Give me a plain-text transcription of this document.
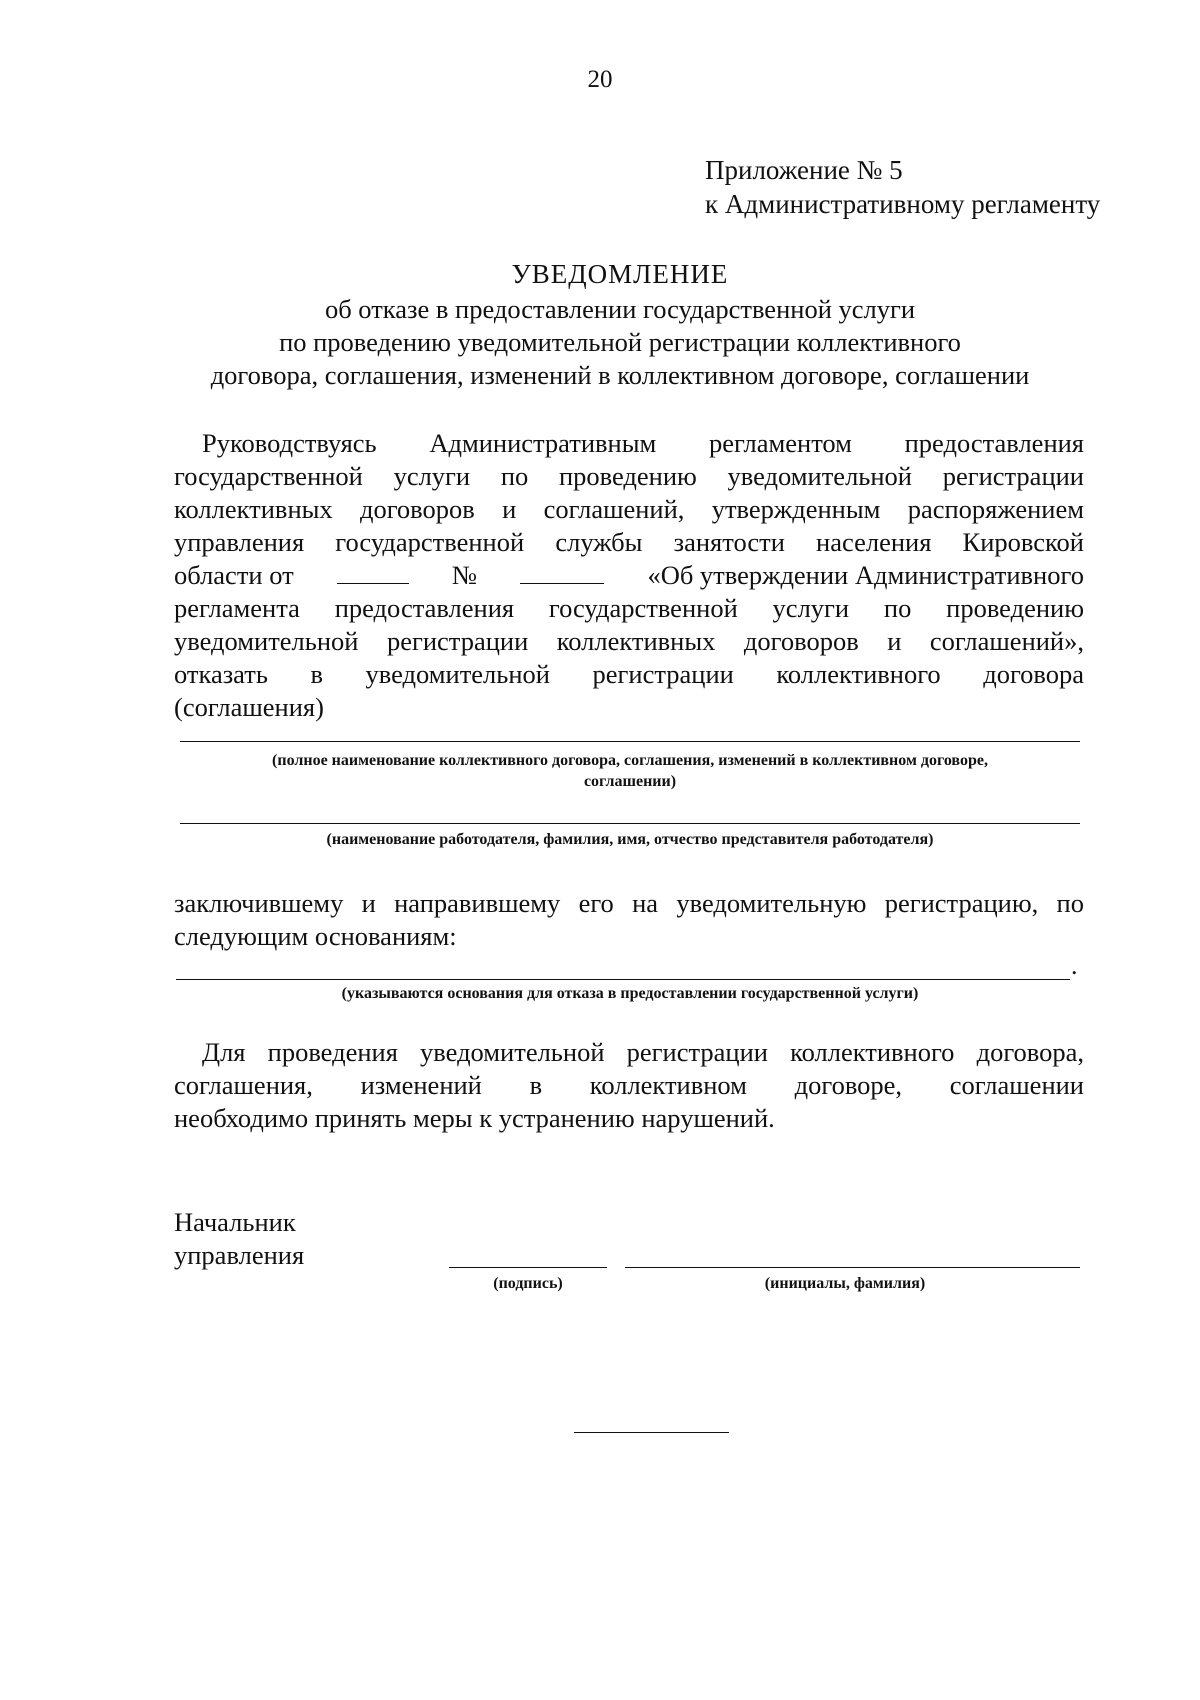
20
Приложение № 5
к Административному регламенту
УВЕДОМЛЕНИЕ
об отказе в предоставлении государственной услуги
по проведению уведомительной регистрации коллективного
договора, соглашения, изменений в коллективном договоре, соглашении
Руководствуясь Административным регламентом предоставления
государственной услуги по проведению уведомительной регистрации
коллективных договоров и соглашений, утвержденным распоряжением
управления государственной службы занятости населения Кировской
области от	№	«Об утверждении Административного
регламента предоставления государственной услуги по проведению
уведомительной регистрации коллективных договоров и соглашений»,
отказать в уведомительной регистрации коллективного договора
(соглашения)
(полное наименование коллективного договора, соглашения, изменений в коллективном договоре,
соглашении)
(наименование работодателя, фамилия, имя, отчество представителя работодателя)
заключившему и направившему его на уведомительную регистрацию, по
следующим основаниям:
.
(указываются основания для отказа в предоставлении государственной услуги)
Для проведения уведомительной регистрации коллективного договора,
соглашения, изменений в коллективном договоре, соглашении
необходимо принять меры к устранению нарушений.
Начальник
управления
(подпись)	(инициалы, фамилия)
